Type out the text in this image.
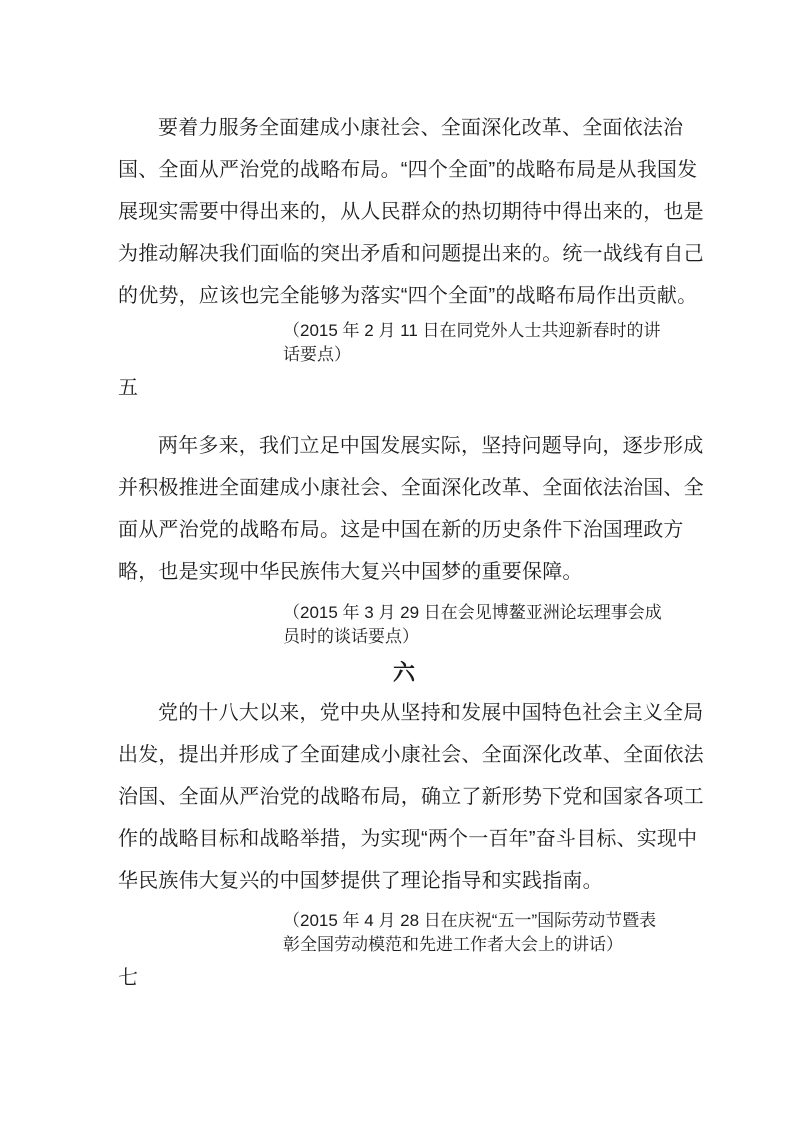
要着力服务全面建成小康社会、全面深化改革、全面依法治
国、全面从严治党的战略布局。“四个全面”的战略布局是从我国发
展现实需要中得出来的，从人民群众的热切期待中得出来的，也是
为推动解决我们面临的突出矛盾和问题提出来的。统一战线有自己
的优势，应该也完全能够为落实“四个全面”的战略布局作出贡献。
（2015 年 2 月 11 日在同党外人士共迎新春时的讲
话要点）
五
两年多来，我们立足中国发展实际，坚持问题导向，逐步形成
并积极推进全面建成小康社会、全面深化改革、全面依法治国、全
面从严治党的战略布局。这是中国在新的历史条件下治国理政方
略，也是实现中华民族伟大复兴中国梦的重要保障。
（2015 年 3 月 29 日在会见博鳌亚洲论坛理事会成
员时的谈话要点）
六
党的十八大以来，党中央从坚持和发展中国特色社会主义全局
出发，提出并形成了全面建成小康社会、全面深化改革、全面依法
治国、全面从严治党的战略布局，确立了新形势下党和国家各项工
作的战略目标和战略举措，为实现“两个一百年”奋斗目标、实现中
华民族伟大复兴的中国梦提供了理论指导和实践指南。
（2015 年 4 月 28 日在庆祝“五一”国际劳动节暨表
彰全国劳动模范和先进工作者大会上的讲话）
七
